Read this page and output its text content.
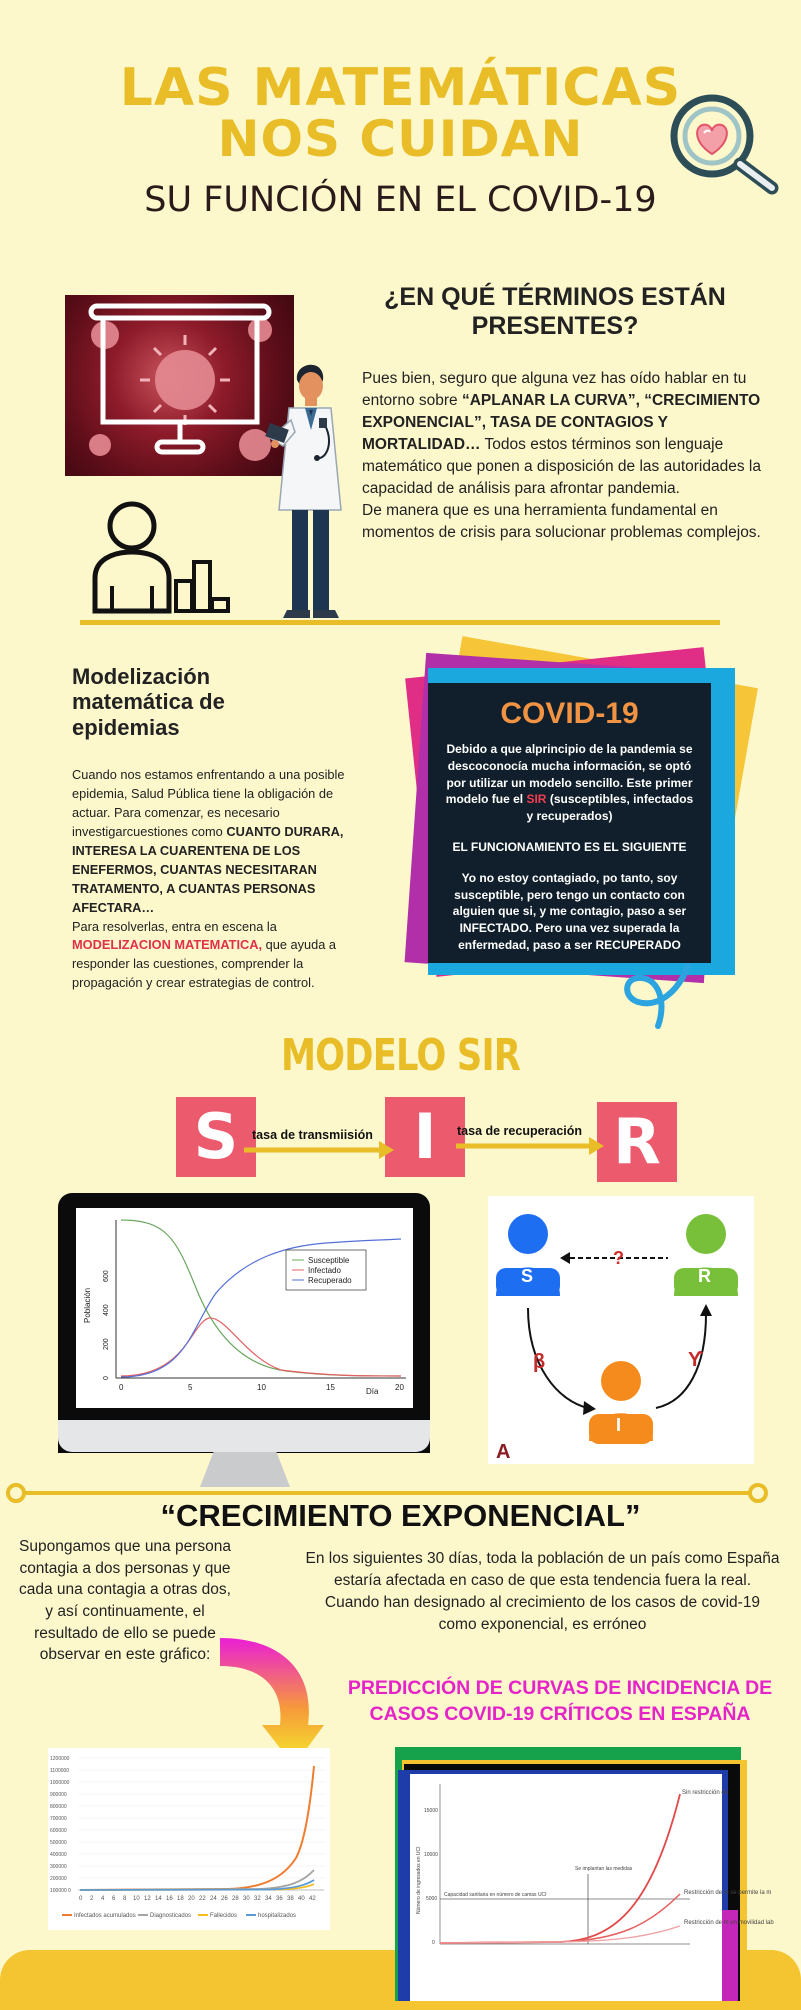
LAS MATEMÁTICAS
NOS CUIDAN
SU FUNCIÓN EN EL COVID-19
¿EN QUÉ TÉRMINOS ESTÁN PRESENTES?
Pues bien, seguro que alguna vez has oído hablar en tu entorno sobre “APLANAR LA CURVA”, “CRECIMIENTO EXPONENCIAL”, TASA DE CONTAGIOS Y MORTALIDAD… Todos estos términos son lenguaje matemático que ponen a disposición de las autoridades la capacidad de análisis para afrontar pandemia.
De manera que es una herramienta fundamental en momentos de crisis para solucionar problemas complejos.
Modelización matemática de epidemias
Cuando nos estamos enfrentando a una posible epidemia, Salud Pública tiene la obligación de actuar. Para comenzar, es necesario investigarcuestiones como CUANTO DURARA, INTERESA LA CUARENTENA DE LOS ENEFERMOS, CUANTAS NECESITARAN TRATAMENTO, A CUANTAS PERSONAS AFECTARA…
Para resolverlas, entra en escena la MODELIZACION MATEMATICA, que ayuda a responder las cuestiones, comprender la propagación y crear estrategias de control.
COVID-19

Debido a que alprincipio de la pandemia se descoconocía mucha información, se optó por utilizar un modelo sencillo. Este primer modelo fue el SIR (susceptibles, infectados y recuperados)

EL FUNCIONAMIENTO ES EL SIGUIENTE

Yo no estoy contagiado, po tanto, soy susceptible, pero tengo un contacto con alguien que si, y me contagio, paso a ser INFECTADO. Pero una vez superada la enfermedad, paso a ser RECUPERADO

MODELO SIR
S	I	R
tasa de transmiisión	tasa de recuperación
Susceptible
Infectado
Recuperado
Población
Día
0
200
400
600
0	5	10	15	20
S	R
I
?
β	ϒ
A
“CRECIMIENTO EXPONENCIAL”
Supongamos que una persona contagia a dos personas y que cada una contagia a otras dos, y así continuamente, el resultado de ello se puede observar en este gráfico:

En los siguientes 30 días, toda la población de un país como España estaría afectada en caso de que esta tendencia fuera la real.

Cuando han designado al crecimiento de los casos de covid-19 como exponencial, es erróneo

PREDICCIÓN DE CURVAS DE INCIDENCIA DE CASOS COVID-19 CRÍTICOS EN ESPAÑA
1200000
1100000
1000000
900000
800000
700000
600000
500000
400000
300000
200000
100000 0
0 2 4 6 8 10 12 14 16 18 20 22 24 26 28 30 32 34 36 38 40 42
Infectados acumulados Diagnosticados	Fallecidos	hospitalizados
Sin restricción de
Restricción de m se permite la m
Restricción de m en movilidad lab
Capacidad sanitaria en número de camas UCI
Se implantan las medidas
Número de ingresados en UCI
15000
10000
5000
0
